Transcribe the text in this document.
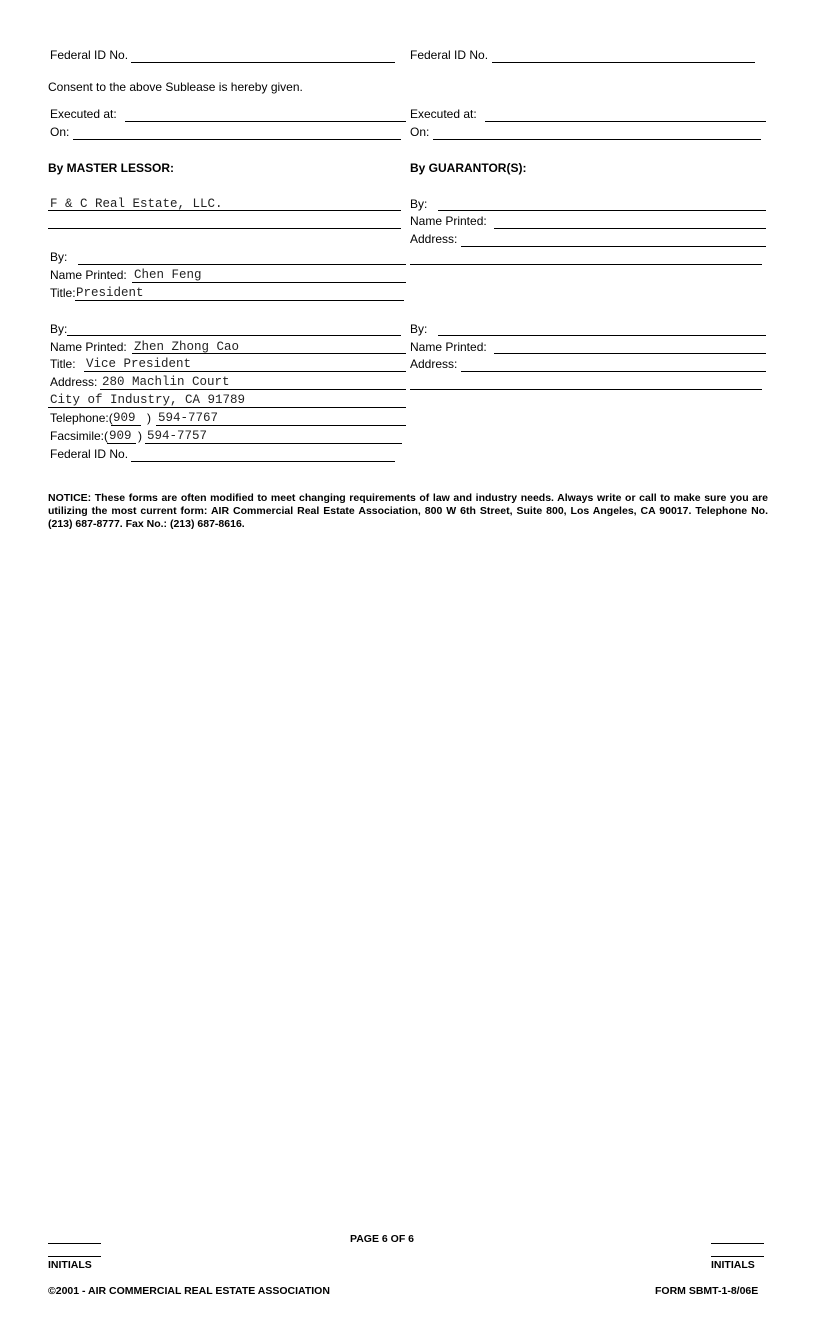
Federal ID No.	Federal ID No.
Consent to the above Sublease is hereby given.
Executed at:
On:
Executed at:
On:
By MASTER LESSOR:	By GUARANTOR(S):
F & C Real Estate, LLC.
By:
Name Printed: Chen Feng
Title: President
By:
Name Printed: Zhen Zhong Cao
Title: Vice President
Address: 280 Machlin Court
City of Industry, CA 91789
Telephone:( 909 ) 594-7767
Facsimile:( 909 ) 594-7757
Federal ID No.
By:
Name Printed:
Address:
By:
Name Printed:
Address:
NOTICE: These forms are often modified to meet changing requirements of law and industry needs. Always write or call to make sure you are utilizing the most current form: AIR Commercial Real Estate Association, 800 W 6th Street, Suite 800, Los Angeles, CA 90017. Telephone No. (213) 687-8777. Fax No.: (213) 687-8616.
INITIALS
PAGE 6 OF 6
INITIALS
©2001 - AIR COMMERCIAL REAL ESTATE ASSOCIATION	FORM SBMT-1-8/06E
